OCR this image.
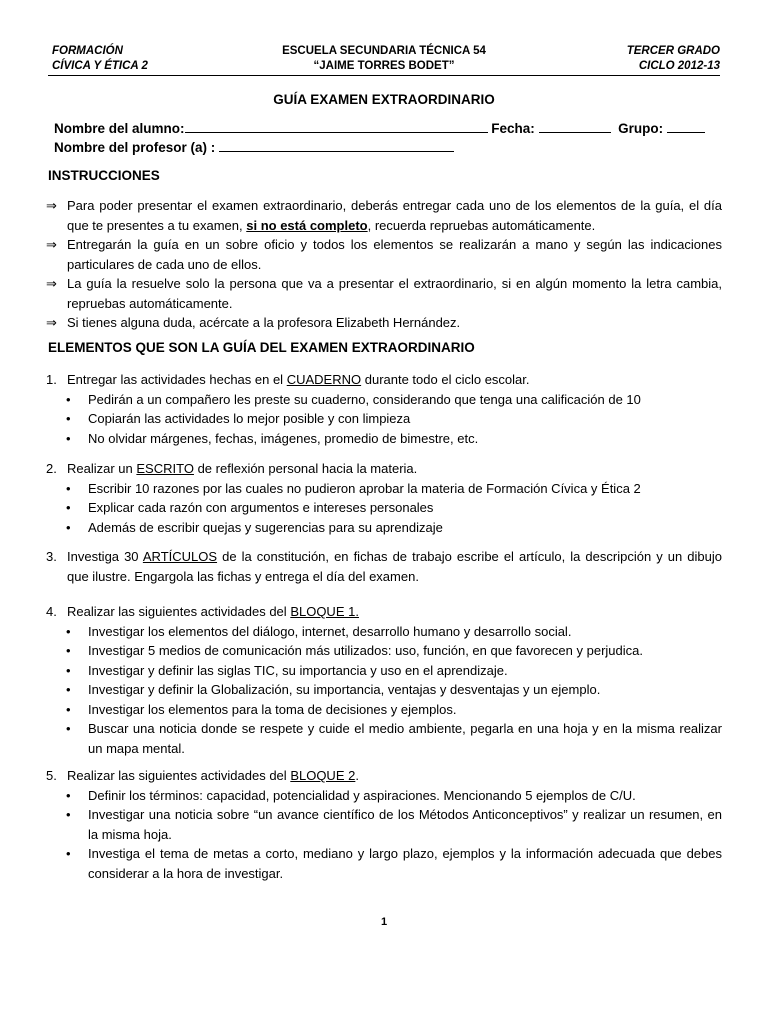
FORMACIÓN
CÍVICA Y ÉTICA 2
ESCUELA SECUNDARIA TÉCNICA 54
“JAIME TORRES BODET”
TERCER GRADO
CICLO 2012-13
GUÍA EXAMEN EXTRAORDINARIO
Nombre del alumno:	Fecha:	Grupo:
Nombre del profesor (a) :
INSTRUCCIONES
⇒ Para poder presentar el examen extraordinario, deberás entregar cada uno de los elementos de la guía, el día que te presentes a tu examen, si no está completo, recuerda repruebas automáticamente.
⇒ Entregarán la guía en un sobre oficio y todos los elementos se realizarán a mano y según las indicaciones particulares de cada uno de ellos.
⇒ La guía la resuelve solo la persona que va a presentar el extraordinario, si en algún momento la letra cambia, repruebas automáticamente.
⇒ Si tienes alguna duda, acércate a la profesora Elizabeth Hernández.
ELEMENTOS QUE SON LA GUÍA DEL EXAMEN EXTRAORDINARIO
1. Entregar las actividades hechas en el CUADERNO durante todo el ciclo escolar.
•	Pedirán a un compañero les preste su cuaderno, considerando que tenga una calificación de 10
•	Copiarán las actividades lo mejor posible y con limpieza
•	No olvidar márgenes, fechas, imágenes, promedio de bimestre, etc.
2. Realizar un ESCRITO de reflexión personal hacia la materia.
•	Escribir 10 razones por las cuales no pudieron aprobar la materia de Formación Cívica y Ética 2
•	Explicar cada razón con argumentos e intereses personales
•	Además de escribir quejas y sugerencias para su aprendizaje
3. Investiga 30 ARTÍCULOS de la constitución, en fichas de trabajo escribe el artículo, la descripción y un dibujo que ilustre. Engargola las fichas y entrega el día del examen.
4. Realizar las siguientes actividades del BLOQUE 1.
•	Investigar los elementos del diálogo, internet, desarrollo humano y desarrollo social.
•	Investigar 5 medios de comunicación más utilizados: uso, función, en que favorecen y perjudica.
•	Investigar y definir las siglas TIC, su importancia y uso en el aprendizaje.
•	Investigar y definir la Globalización, su importancia, ventajas y desventajas y un ejemplo.
•	Investigar los elementos para la toma de decisiones y ejemplos.
•	Buscar una noticia donde se respete y cuide el medio ambiente, pegarla en una hoja y en la misma realizar un mapa mental.
5. Realizar las siguientes actividades del BLOQUE 2.
•	Definir los términos: capacidad, potencialidad y aspiraciones. Mencionando 5 ejemplos de C/U.
•	Investigar una noticia sobre “un avance científico de los Métodos Anticonceptivos” y realizar un resumen, en la misma hoja.
•	Investiga el tema de metas a corto, mediano y largo plazo, ejemplos y la información adecuada que debes considerar a la hora de investigar.
1
